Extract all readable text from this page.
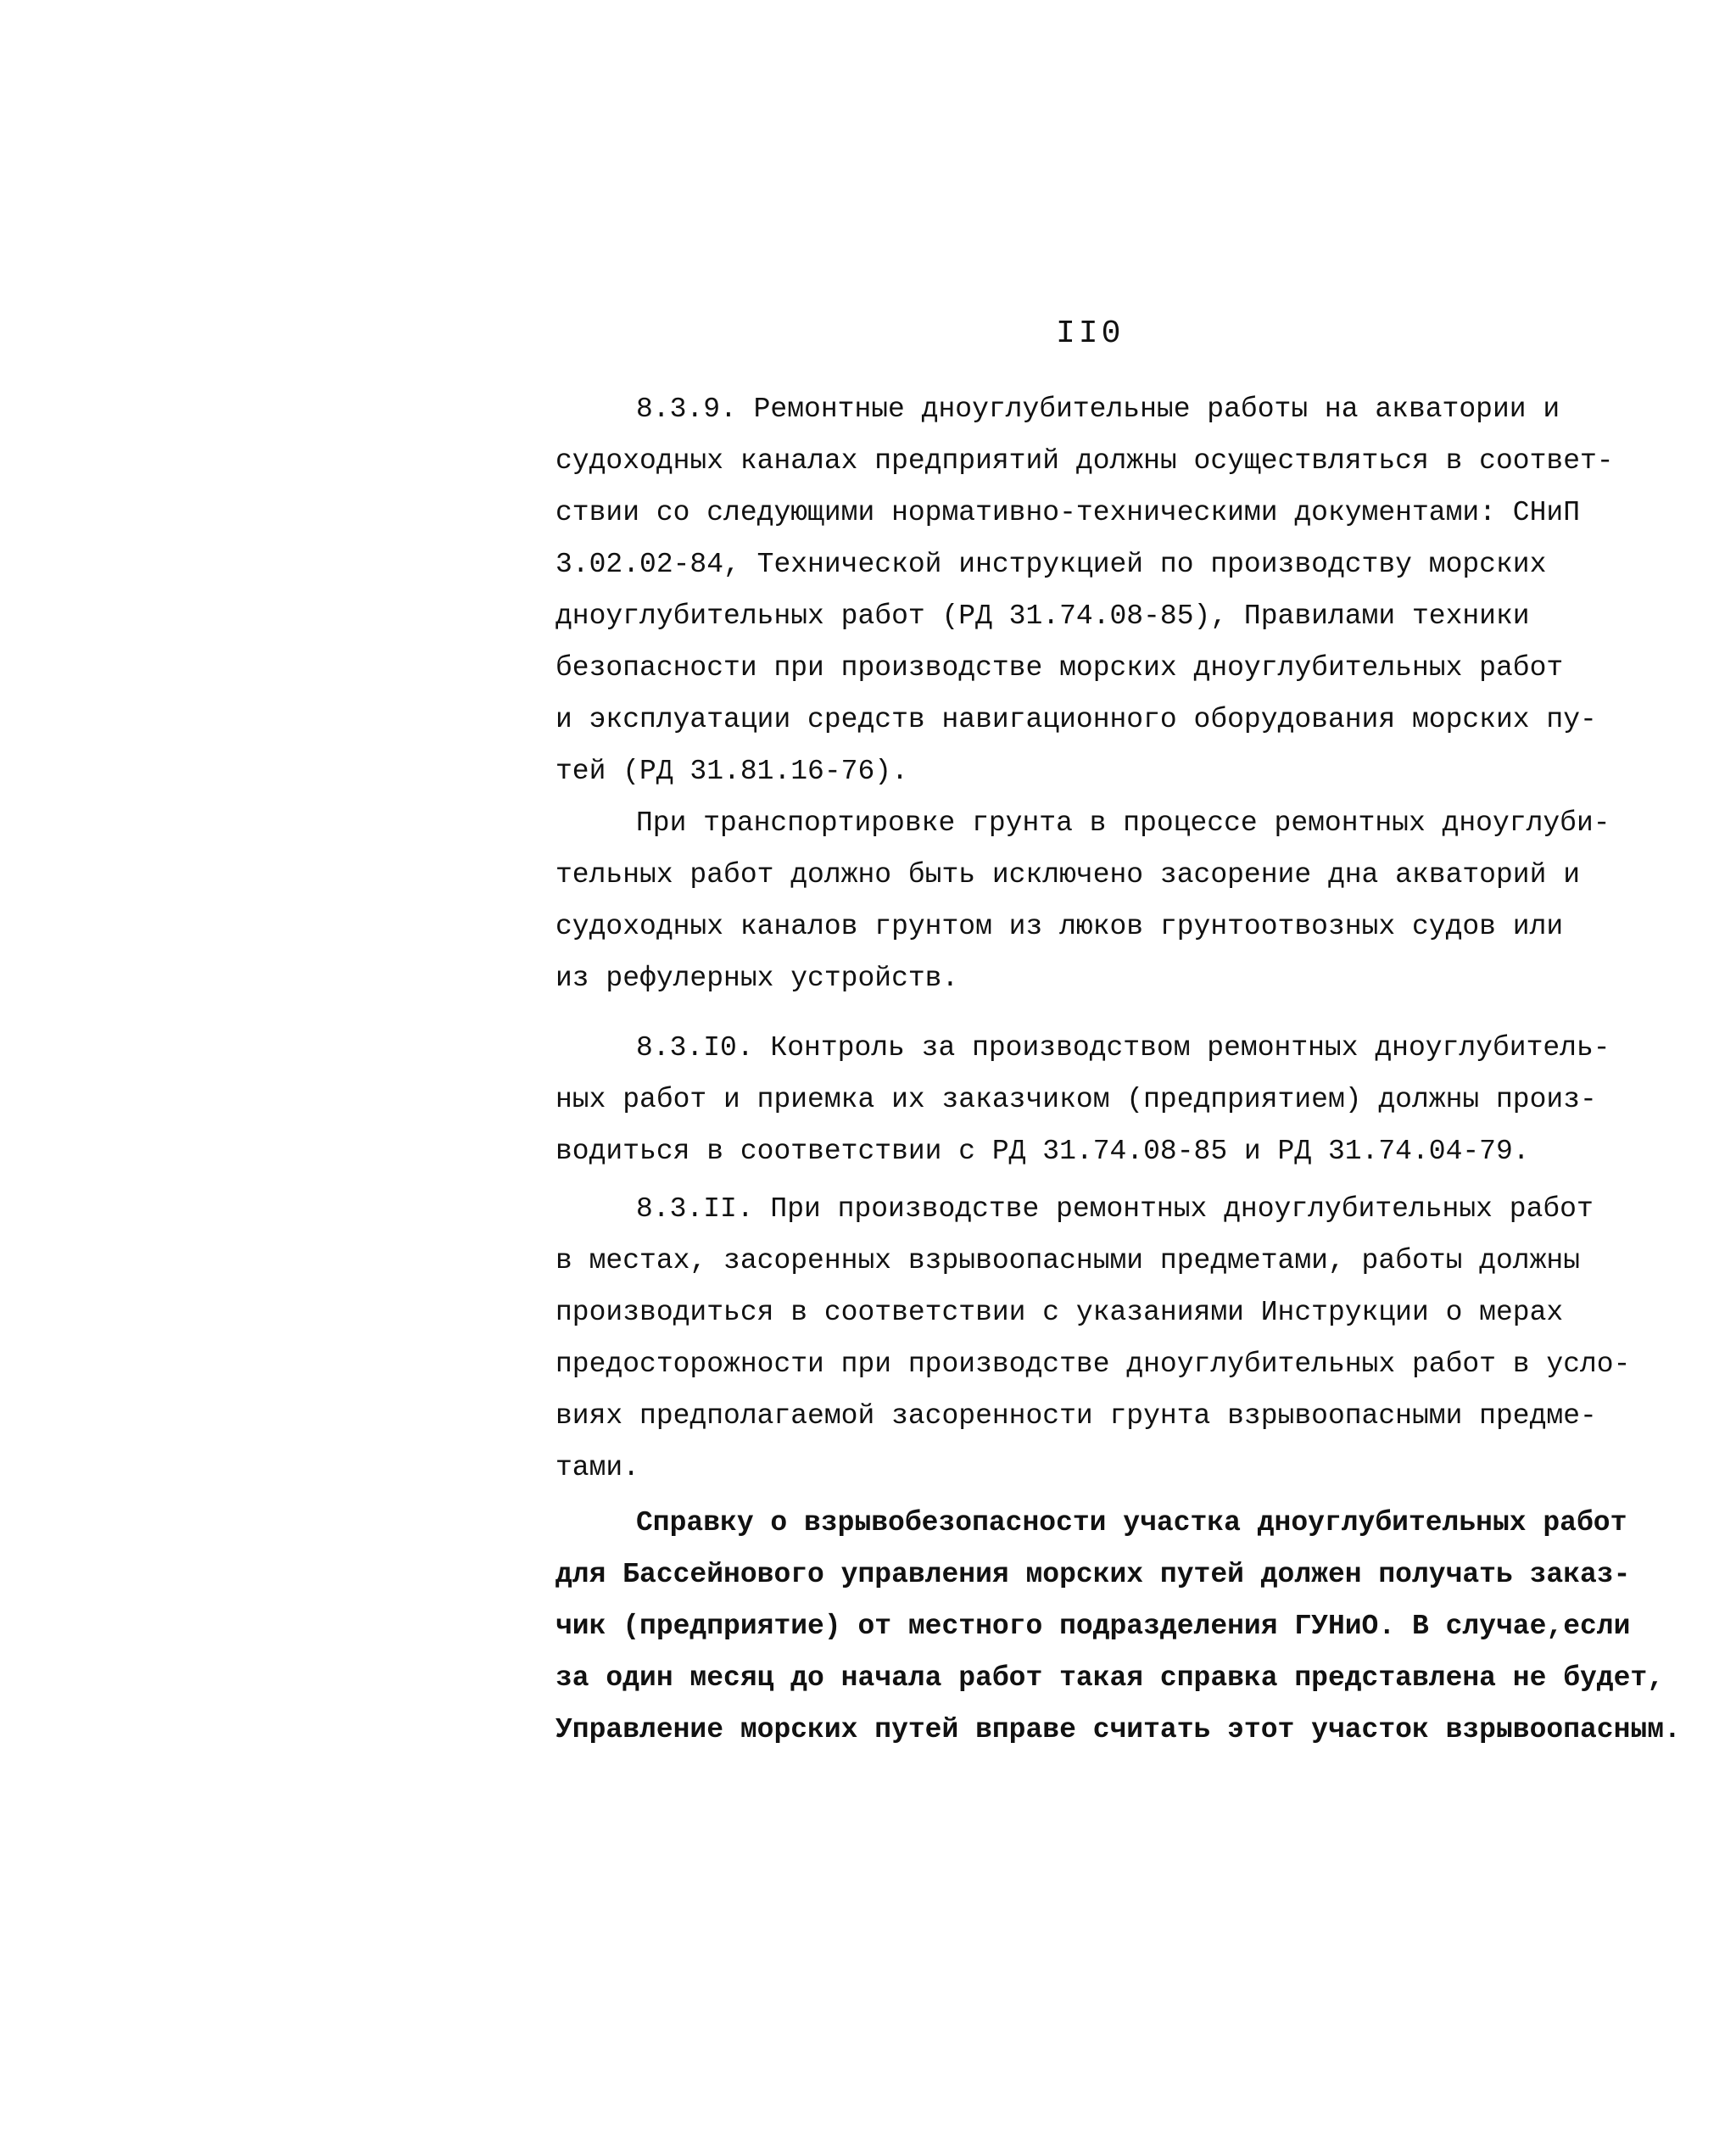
II0
8.3.9. Ремонтные дноуглубительные работы на акватории и
судоходных каналах предприятий должны осуществляться в соответ-
ствии со следующими нормативно-техническими документами: СНиП
3.02.02-84, Технической инструкцией по производству морских
дноуглубительных работ (РД 31.74.08-85), Правилами техники
безопасности при производстве морских дноуглубительных работ
и эксплуатации средств навигационного оборудования морских пу-
тей (РД 31.81.16-76).
При транспортировке грунта в процессе ремонтных дноуглуби-
тельных работ должно быть исключено засорение дна акваторий и
судоходных каналов грунтом из люков грунтоотвозных судов или
из рефулерных устройств.
8.3.I0. Контроль за производством ремонтных дноуглубитель-
ных работ и приемка их заказчиком (предприятием) должны произ-
водиться в соответствии с РД 31.74.08-85 и РД 31.74.04-79.
8.3.II. При производстве ремонтных дноуглубительных работ
в местах, засоренных взрывоопасными предметами, работы должны
производиться в соответствии с указаниями Инструкции о мерах
предосторожности при производстве дноуглубительных работ в усло-
виях предполагаемой засоренности грунта взрывоопасными предме-
тами.
Справку о взрывобезопасности участка дноуглубительных работ
для Бассейнового управления морских путей должен получать заказ-
чик (предприятие) от местного подразделения ГУНиО. В случае,если
за один месяц до начала работ такая справка представлена не будет,
Управление морских путей вправе считать этот участок взрывоопасным.
